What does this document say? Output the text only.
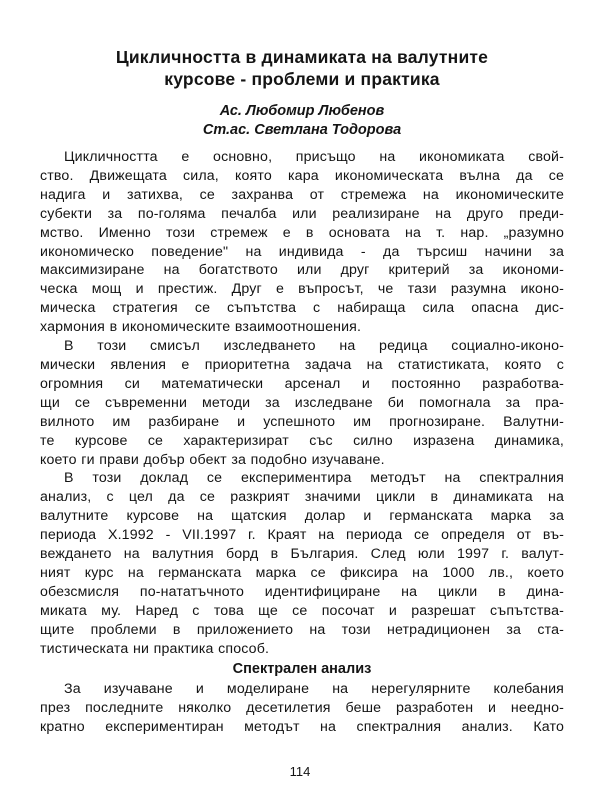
Цикличността в динамиката на валутните

курсове - проблеми и практика

Ас. Любомир Любенов

Ст.ас. Светлана Тодорова

Цикличността е основно, присъщо на икономиката свой-
ство. Движещата сила, която кара икономическата вълна да се
надига и затихва, се захранва от стремежа на икономическите
субекти за по-голяма печалба или реализиране на друго преди-
мство. Именно този стремеж е в основата на т. нар. „разумно
икономическо поведение" на индивида - да търсиш начини за
максимизиране на богатството или друг критерий за икономи-
ческа мощ и престиж. Друг е въпросът, че тази разумна иконо-
мическа стратегия се съпътства с набираща сила опасна дис-
хармония в икономическите взаимоотношения.
В този смисъл изследването на редица социално-иконо-
мически явления е приоритетна задача на статистиката, която с
огромния си математически арсенал и постоянно разработва-
щи се съвременни методи за изследване би помогнала за пра-
вилното им разбиране и успешното им прогнозиране. Валутни-
те курсове се характеризират със силно изразена динамика,
което ги прави добър обект за подобно изучаване.
В този доклад се експериментира методът на спектралния
анализ, с цел да се разкрият значими цикли в динамиката на
валутните курсове на щатския долар и германската марка за
периода X.1992 - VII.1997 г. Краят на периода се определя от въ-
веждането на валутния борд в България. След юли 1997 г. валут-
ният курс на германската марка се фиксира на 1000 лв., което
обезсмисля по-нататъчното идентифициране на цикли в дина-
миката му. Наред с това ще се посочат и разрешат съпътства-
щите проблеми в приложението на този нетрадиционен за ста-
тистическата ни практика способ.

Спектрален анализ

За изучаване и моделиране на нерегулярните колебания
през последните няколко десетилетия беше разработен и нееднo-
кратно експериментиран методът на спектралния анализ. Като
114
